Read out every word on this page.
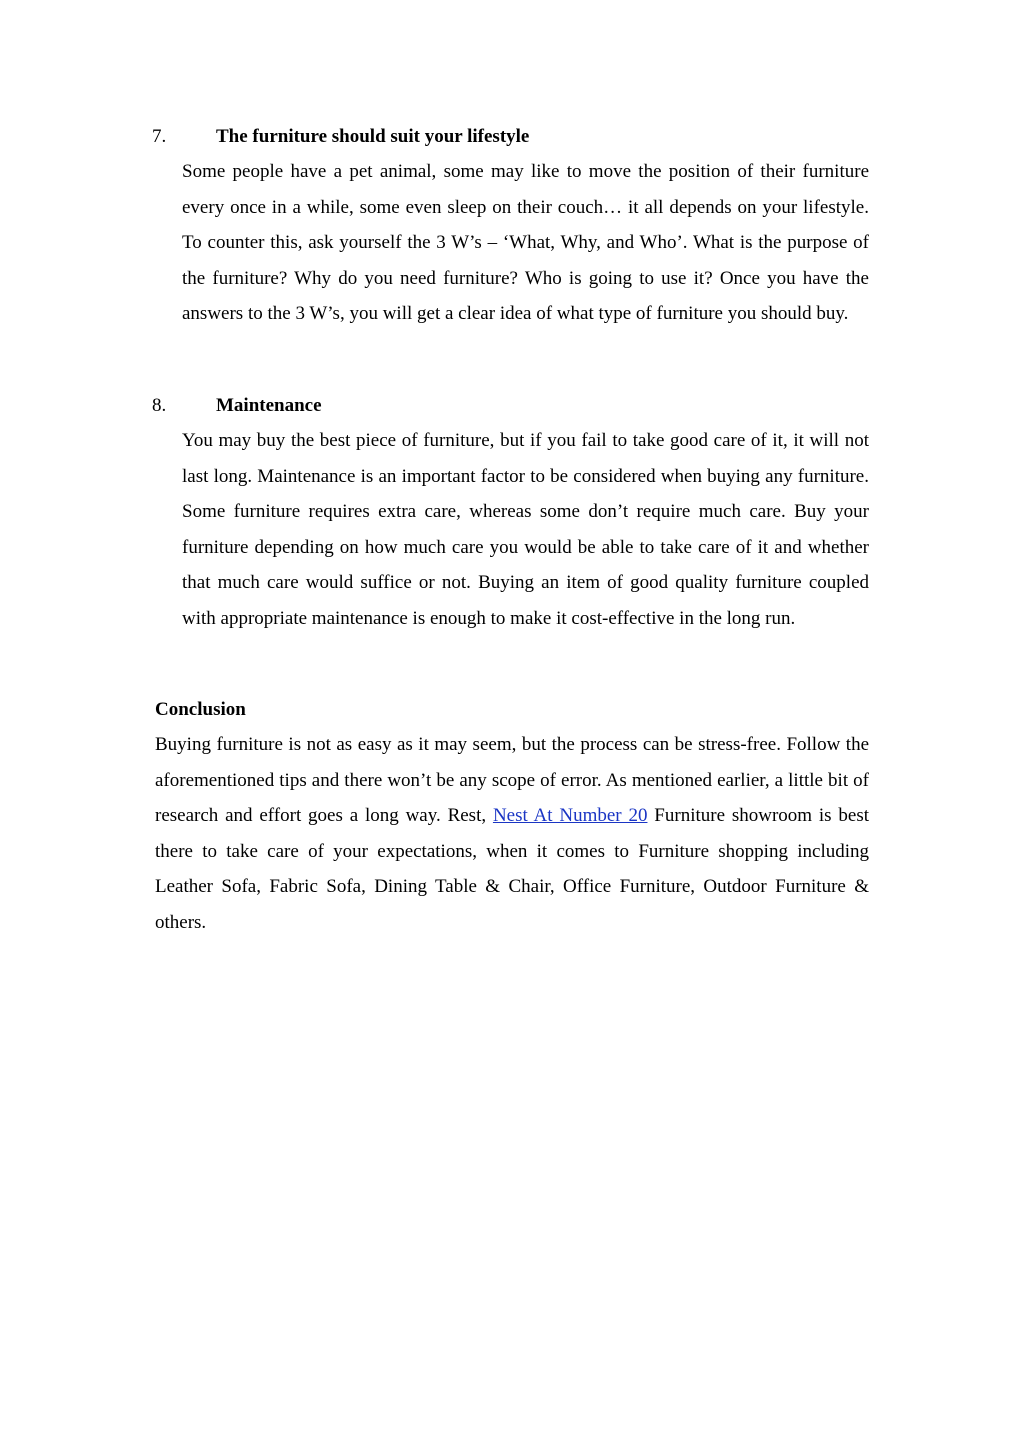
7.	The furniture should suit your lifestyle

Some people have a pet animal, some may like to move the position of their furniture every once in a while, some even sleep on their couch… it all depends on your lifestyle. To counter this, ask yourself the 3 W’s – ‘What, Why, and Who’. What is the purpose of the furniture? Why do you need furniture? Who is going to use it? Once you have the answers to the 3 W’s, you will get a clear idea of what type of furniture you should buy.

8.	Maintenance

You may buy the best piece of furniture, but if you fail to take good care of it, it will not last long. Maintenance is an important factor to be considered when buying any furniture. Some furniture requires extra care, whereas some don’t require much care. Buy your furniture depending on how much care you would be able to take care of it and whether that much care would suffice or not. Buying an item of good quality furniture coupled with appropriate maintenance is enough to make it cost-effective in the long run.

Conclusion

Buying furniture is not as easy as it may seem, but the process can be stress-free. Follow the aforementioned tips and there won’t be any scope of error. As mentioned earlier, a little bit of research and effort goes a long way. Rest, Nest At Number 20 Furniture showroom is best there to take care of your expectations, when it comes to Furniture shopping including Leather Sofa, Fabric Sofa, Dining Table & Chair, Office Furniture, Outdoor Furniture & others.
